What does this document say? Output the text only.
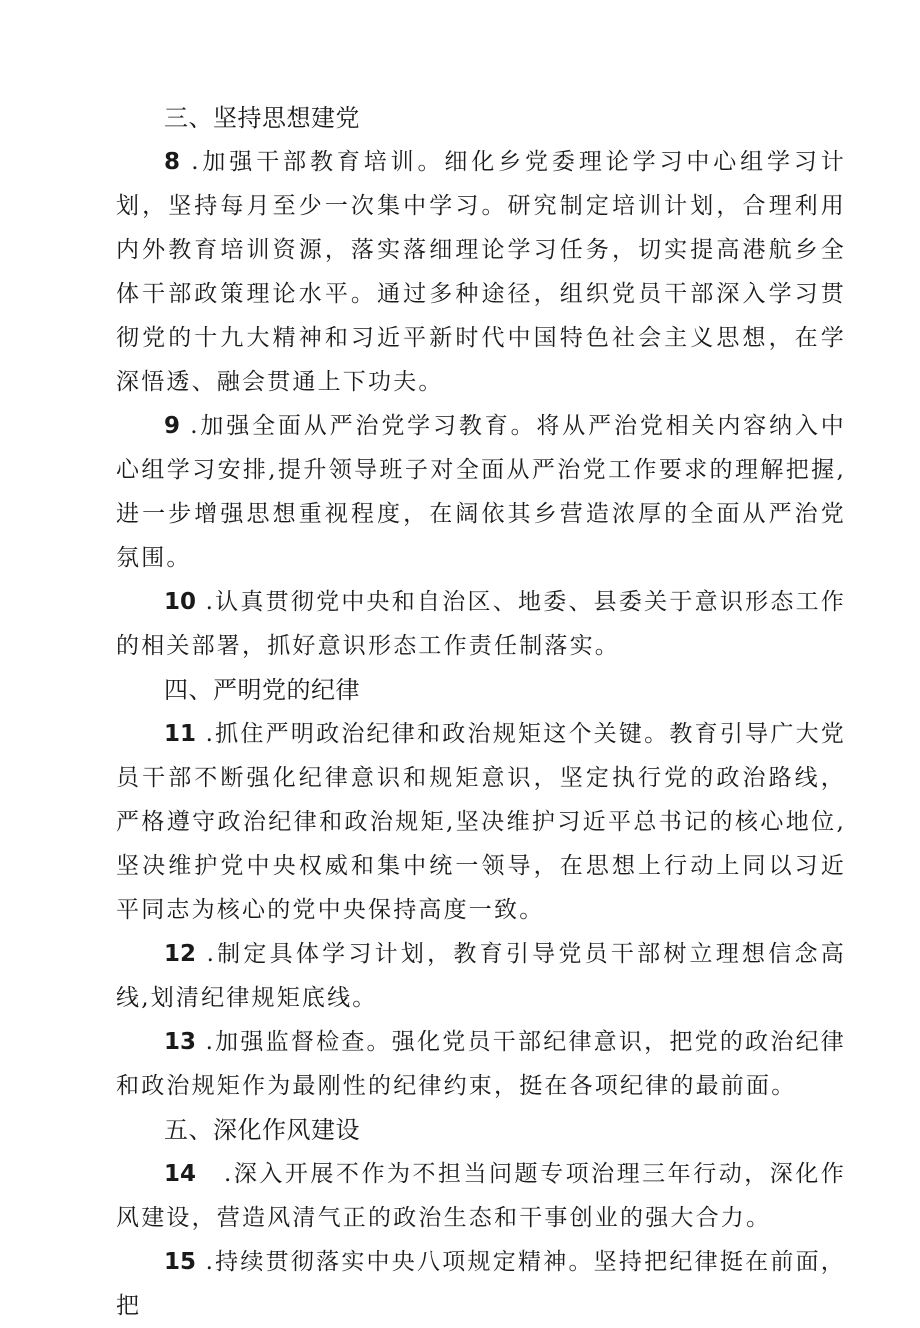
三、坚持思想建党

8 .加强干部教育培训。细化乡党委理论学习中心组学习计划，坚持每月至少一次集中学习。研究制定培训计划，合理利用内外教育培训资源，落实落细理论学习任务，切实提高港航乡全体干部政策理论水平。通过多种途径，组织党员干部深入学习贯彻党的十九大精神和习近平新时代中国特色社会主义思想，在学深悟透、融会贯通上下功夫。

9 .加强全面从严治党学习教育。将从严治党相关内容纳入中心组学习安排,提升领导班子对全面从严治党工作要求的理解把握,进一步增强思想重视程度，在阔依其乡营造浓厚的全面从严治党氛围。

10 .认真贯彻党中央和自治区、地委、县委关于意识形态工作的相关部署，抓好意识形态工作责任制落实。

四、严明党的纪律

11 .抓住严明政治纪律和政治规矩这个关键。教育引导广大党员干部不断强化纪律意识和规矩意识，坚定执行党的政治路线，严格遵守政治纪律和政治规矩,坚决维护习近平总书记的核心地位,坚决维护党中央权威和集中统一领导，在思想上行动上同以习近平同志为核心的党中央保持高度一致。

12 .制定具体学习计划，教育引导党员干部树立理想信念高线,划清纪律规矩底线。

13 .加强监督检查。强化党员干部纪律意识，把党的政治纪律和政治规矩作为最刚性的纪律约束，挺在各项纪律的最前面。

五、深化作风建设

14 .深入开展不作为不担当问题专项治理三年行动，深化作风建设，营造风清气正的政治生态和干事创业的强大合力。

15 .持续贯彻落实中央八项规定精神。坚持把纪律挺在前面，把
